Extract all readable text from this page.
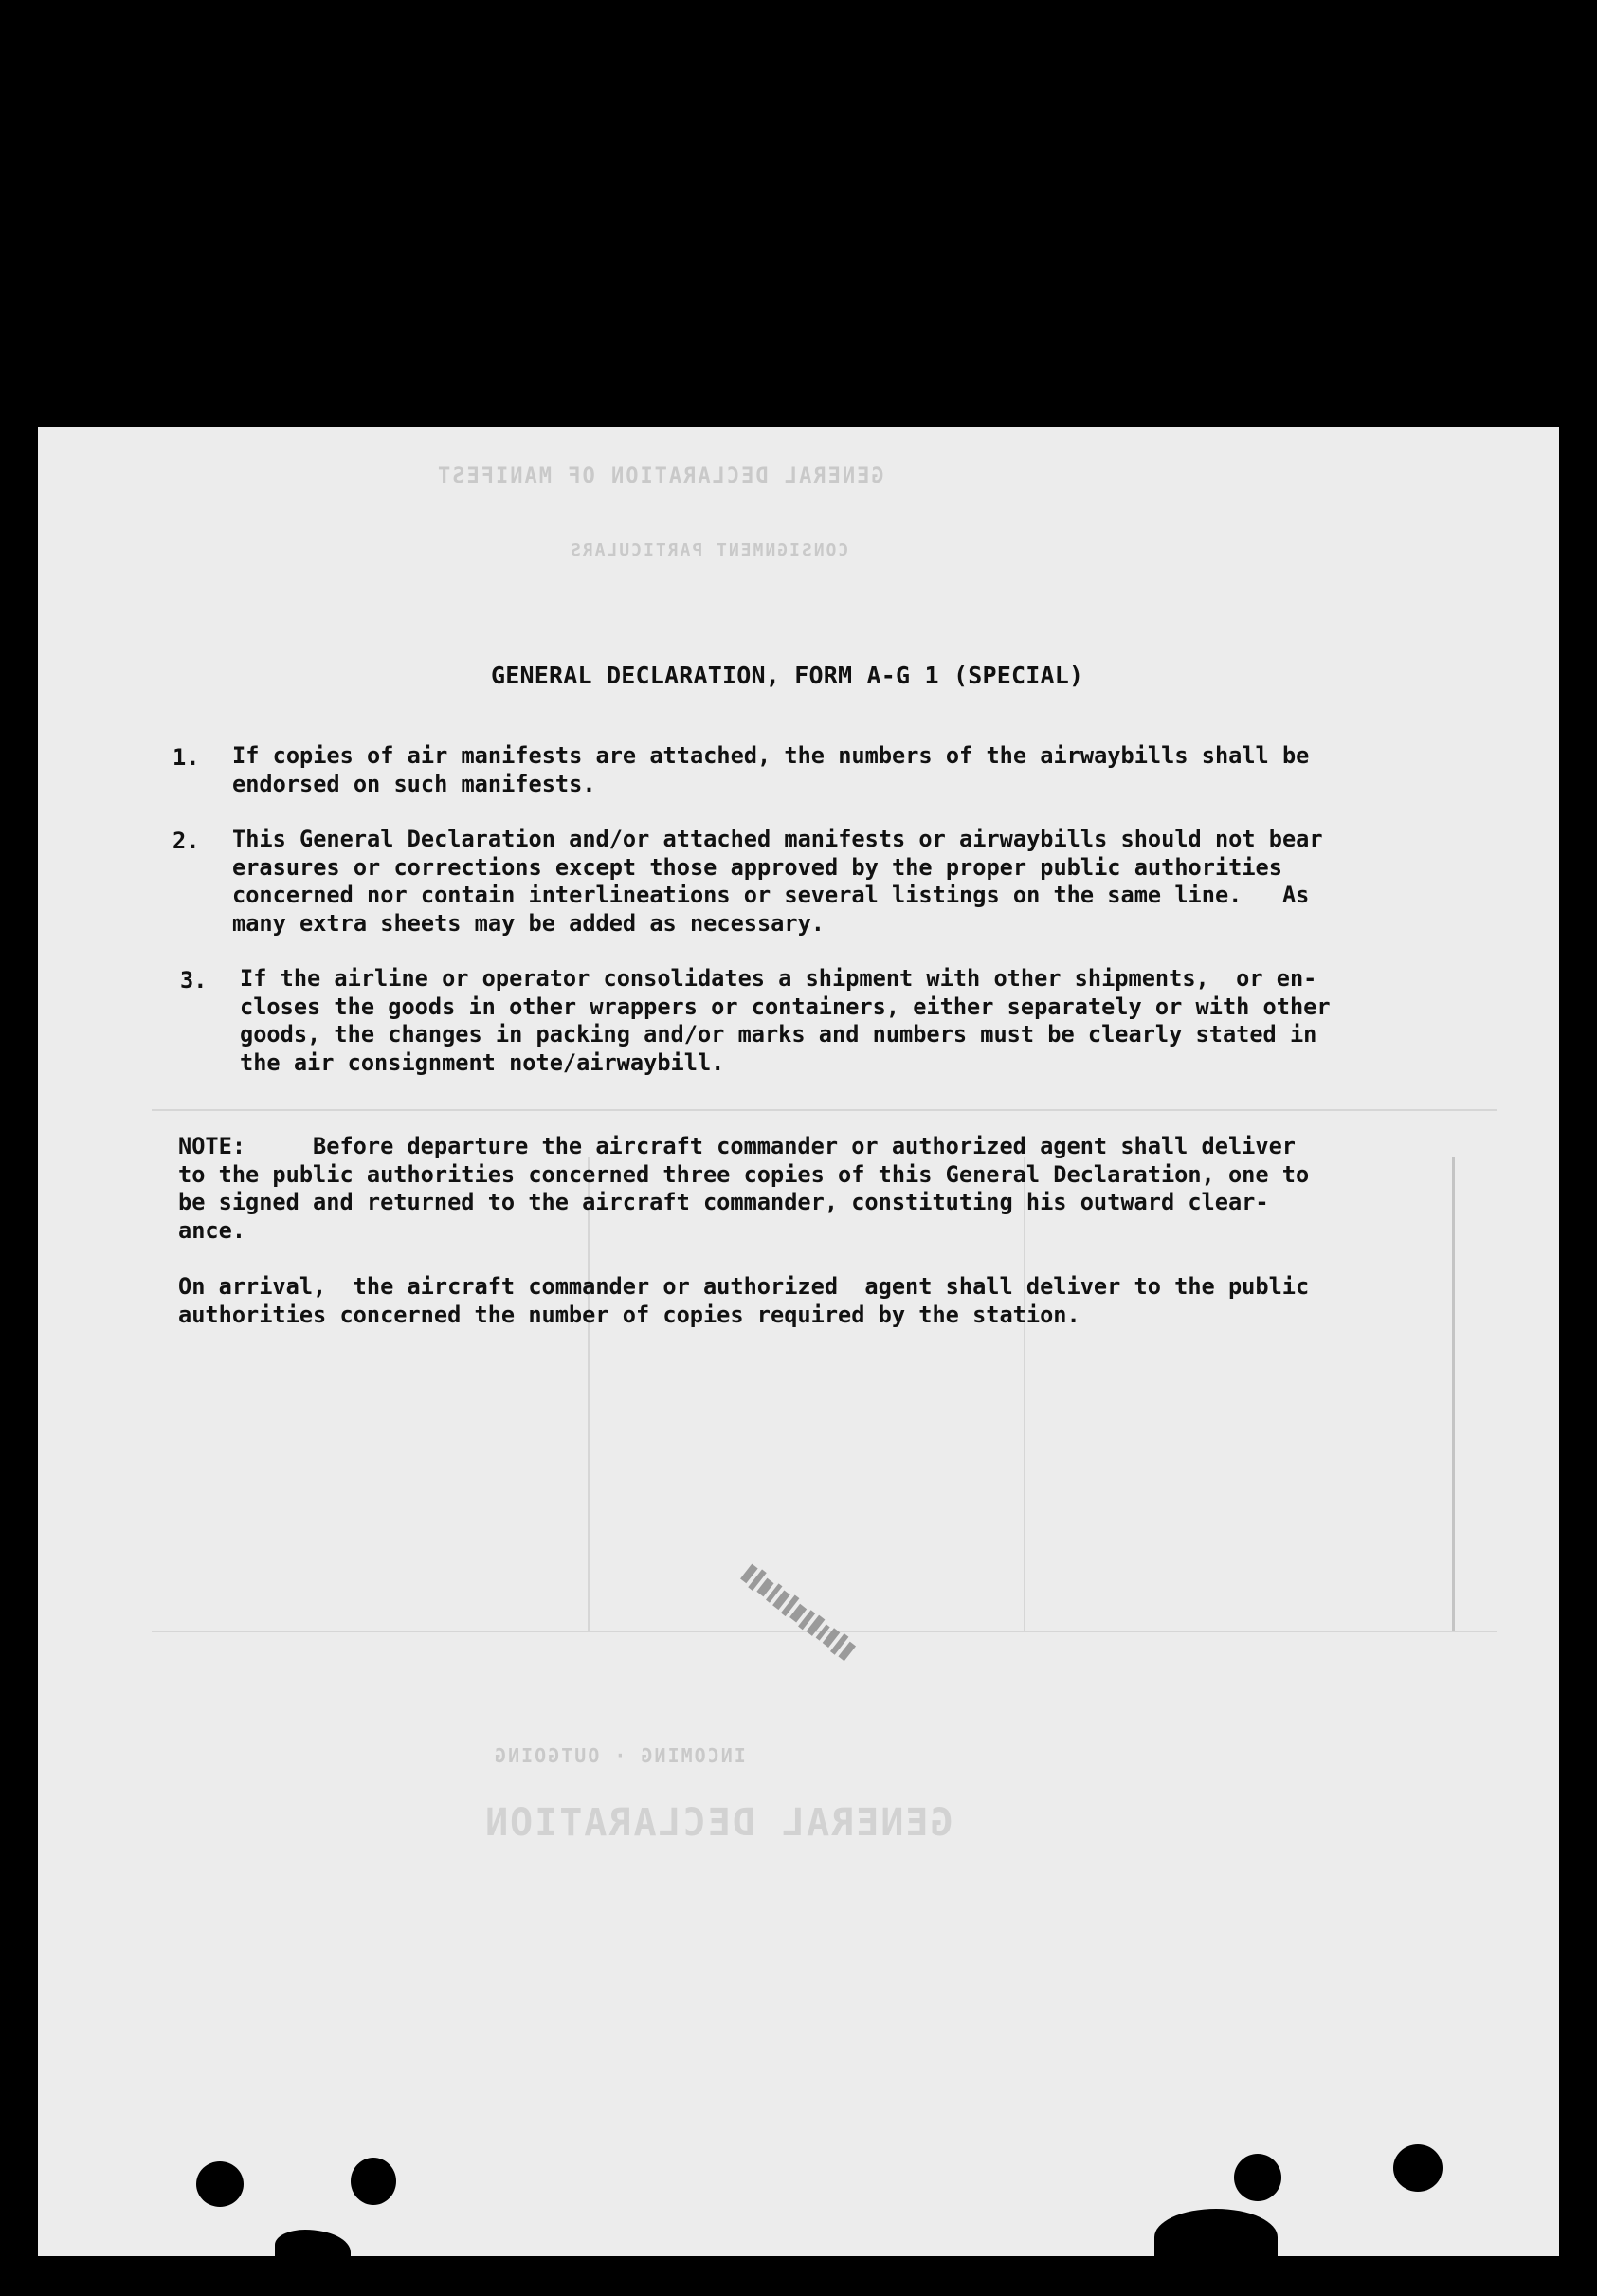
GENERAL DECLARATION OF MANIFEST
CONSIGNMENT PARTICULARS
INCOMING · OUTGOING
GENERAL DECLARATION
GENERAL DECLARATION, FORM A-G 1 (SPECIAL)
1. If copies of air manifests are attached, the numbers of the airwaybills shall be
endorsed on such manifests.
2. This General Declaration and/or attached manifests or airwaybills should not bear
erasures or corrections except those approved by the proper public authorities
concerned nor contain interlineations or several listings on the same line.   As
many extra sheets may be added as necessary.
3. If the airline or operator consolidates a shipment with other shipments,  or en-
closes the goods in other wrappers or containers, either separately or with other
goods, the changes in packing and/or marks and numbers must be clearly stated in
the air consignment note/airwaybill.
NOTE:     Before departure the aircraft commander or authorized agent shall deliver
to the public authorities concerned three copies of this General Declaration, one to
be signed and returned to the aircraft commander, constituting his outward clear-
ance.
On arrival,  the aircraft commander or authorized  agent shall deliver to the public
authorities concerned the number of copies required by the station.
